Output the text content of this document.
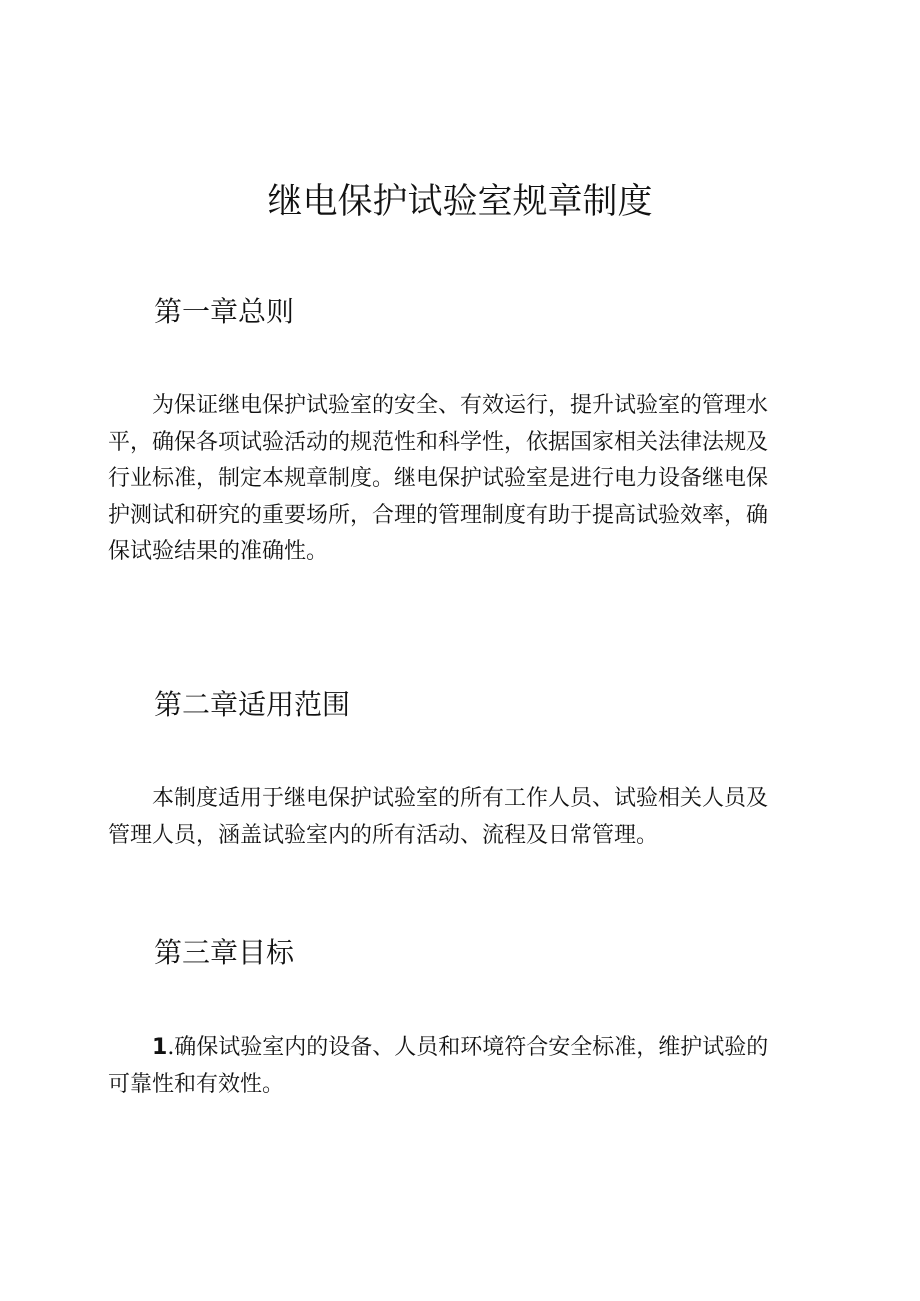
继电保护试验室规章制度
第一章总则

为保证继电保护试验室的安全、有效运行，提升试验室的管理水
平，确保各项试验活动的规范性和科学性，依据国家相关法律法规及
行业标准，制定本规章制度。继电保护试验室是进行电力设备继电保
护测试和研究的重要场所，合理的管理制度有助于提高试验效率，确
保试验结果的准确性。

第二章适用范围

本制度适用于继电保护试验室的所有工作人员、试验相关人员及
管理人员，涵盖试验室内的所有活动、流程及日常管理。

第三章目标

1.确保试验室内的设备、人员和环境符合安全标准，维护试验的
可靠性和有效性。
